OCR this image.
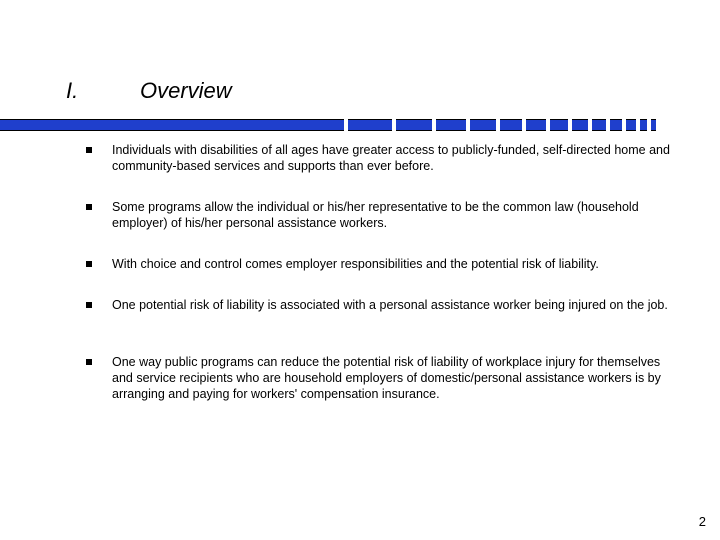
I.	Overview
Individuals with disabilities of all ages have greater access to publicly-funded, self-directed home and community-based services and supports than ever before.
Some programs allow the individual or his/her representative to be the common law (household employer) of his/her personal assistance workers.
With choice and control comes employer responsibilities and the potential risk of liability.
One potential risk of liability is associated with a personal assistance worker being injured on the job.
One way public programs can reduce the potential risk of liability of workplace injury for themselves and service recipients who are household employers of domestic/personal assistance workers is by arranging and paying for workers' compensation insurance.
2
